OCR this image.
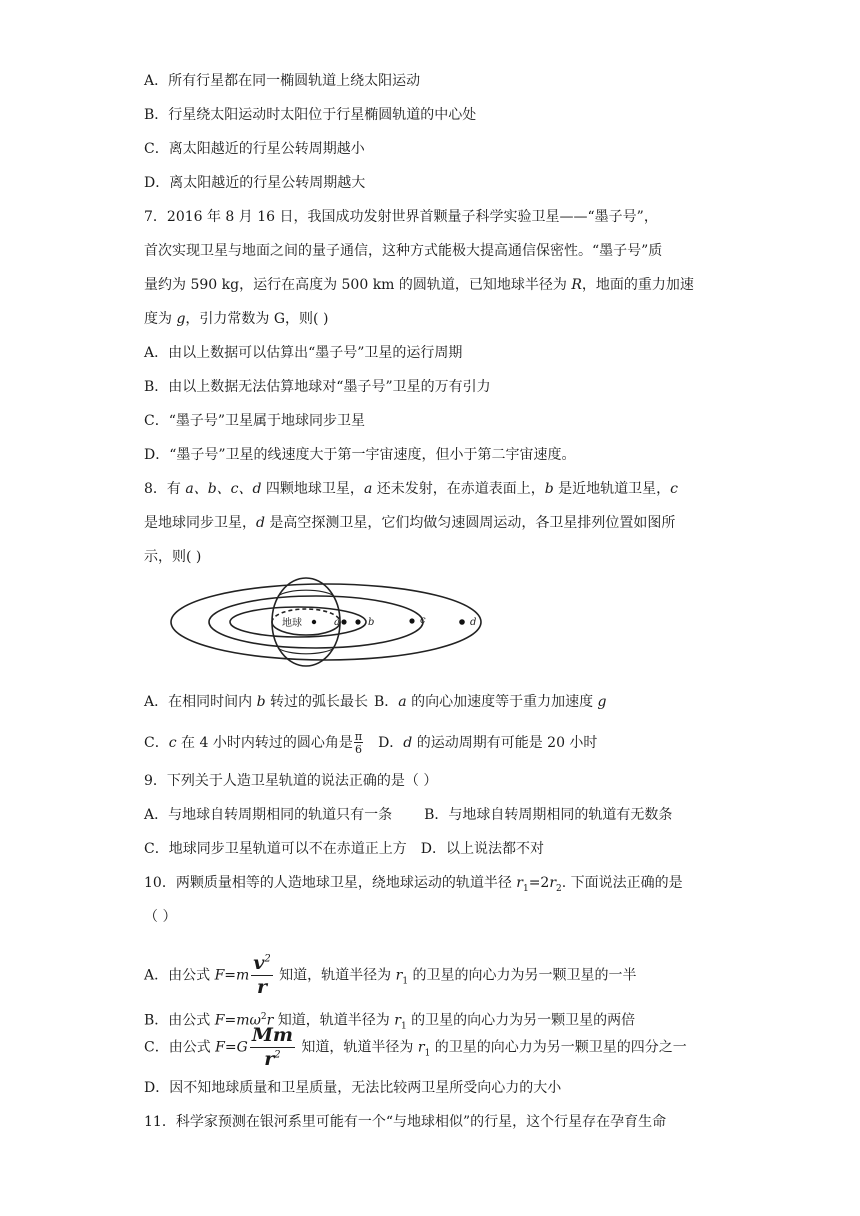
A．所有行星都在同一椭圆轨道上绕太阳运动
B．行星绕太阳运动时太阳位于行星椭圆轨道的中心处
C．离太阳越近的行星公转周期越小
D．离太阳越近的行星公转周期越大
7．2016 年 8 月 16 日，我国成功发射世界首颗量子科学实验卫星——“墨子号”，
首次实现卫星与地面之间的量子通信，这种方式能极大提高通信保密性。“墨子号”质
量约为 590 kg，运行在高度为 500 km 的圆轨道，已知地球半径为 R，地面的重力加速
度为 g，引力常数为 G，则( )
A．由以上数据可以估算出“墨子号”卫星的运行周期
B．由以上数据无法估算地球对“墨子号”卫星的万有引力
C．“墨子号”卫星属于地球同步卫星
D．“墨子号”卫星的线速度大于第一宇宙速度，但小于第二宇宙速度。
8．有 a、b、c、d 四颗地球卫星，a 还未发射，在赤道表面上，b 是近地轨道卫星，c
是地球同步卫星，d 是高空探测卫星，它们均做匀速圆周运动，各卫星排列位置如图所
示，则( )
地球	a	b	c	d
A．在相同时间内 b 转过的弧长最长 B．a 的向心加速度等于重力加速度 g
C．c 在 4 小时内转过的圆心角是 $\frac{\pi}{6}$ D．d 的运动周期有可能是 20 小时
9．下列关于人造卫星轨道的说法正确的是（ ）
A．与地球自转周期相同的轨道只有一条 B．与地球自转周期相同的轨道有无数条
C．地球同步卫星轨道可以不在赤道正上方 D．以上说法都不对
10．两颗质量相等的人造地球卫星，绕地球运动的轨道半径 $r_1=2r_2$. 下面说法正确的是
（ ）
A．由公式 $F=m \frac{v^2}{r}$ 知道，轨道半径为 $r_1$ 的卫星的向心力为另一颗卫星的一半
B．由公式 $F=m\omega^2r$ 知道，轨道半径为 $r_1$ 的卫星的向心力为另一颗卫星的两倍
C．由公式 $F=G \frac{Mm}{r^2}$ 知道，轨道半径为 $r_1$ 的卫星的向心力为另一颗卫星的四分之一
D．因不知地球质量和卫星质量，无法比较两卫星所受向心力的大小
11．科学家预测在银河系里可能有一个“与地球相似”的行星，这个行星存在孕育生命
